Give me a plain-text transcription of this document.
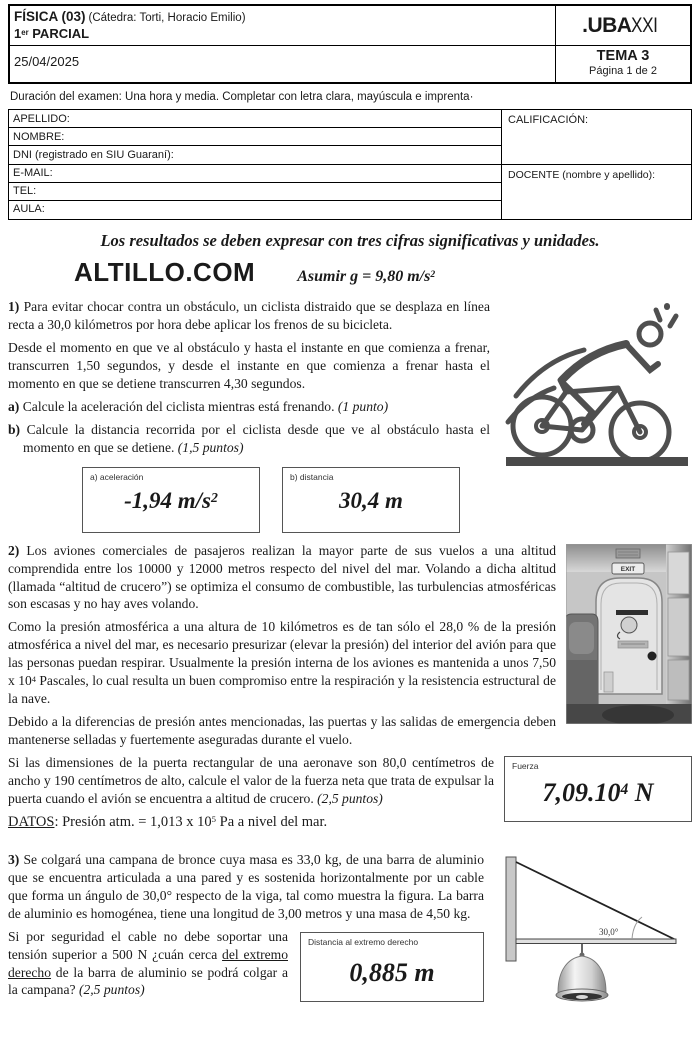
FÍSICA (03) (Cátedra: Torti, Horacio Emilio)
1er PARCIAL	.UBAXXI
25/04/2025	TEMA 3
Página 1 de 2
Duración del examen: Una hora y media. Completar con letra clara, mayúscula e imprenta·
APELLIDO:
NOMBRE:
DNI (registrado en SIU Guaraní):
E-MAIL:
TEL:
AULA:
CALIFICACIÓN:
DOCENTE (nombre y apellido):
Los resultados se deben expresar con tres cifras significativas y unidades.
ALTILLO.COM	Asumir g = 9,80 $m/s^2$

1) Para evitar chocar contra un obstáculo, un ciclista distraido que se desplaza en línea recta a 30,0 kilómetros por hora debe aplicar los frenos de su bicicleta.

Desde el momento en que ve al obstáculo y hasta el instante en que comienza a frenar, transcurren 1,50 segundos, y desde el instante en que comienza a frenar hasta el momento en que se detiene transcurren 4,30 segundos.

a) Calcule la aceleración del ciclista mientras está frenando. (1 punto)

b) Calcule la distancia recorrida por el ciclista desde que ve al obstáculo hasta el momento en que se detiene. (1,5 puntos)

a) aceleración
-1,94 $m/s^2$
b) distancia
30,4 m
EXIT

2) Los aviones comerciales de pasajeros realizan la mayor parte de sus vuelos a una altitud comprendida entre los 10000 y 12000 metros respecto del nivel del mar. Volando a dicha altitud (llamada “altitud de crucero”) se optimiza el consumo de combustible, las turbulencias atmosféricas son escasas y no hay aves volando.

Como la presión atmosférica a una altura de 10 kilómetros es de tan sólo el 28,0 % de la presión atmosférica a nivel del mar, es necesario presurizar (elevar la presión) del interior del avión para que las personas puedan respirar. Usualmente la presión interna de los aviones es mantenida a unos 7,50 x $10^4$ Pascales, lo cual resulta un buen compromiso entre la respiración y la resistencia estructural de la nave.

Debido a la diferencias de presión antes mencionadas, las puertas y las salidas de emergencia deben mantenerse selladas y fuertemente aseguradas durante el vuelo.

Fuerza
7,09.10$^4$ N

Si las dimensiones de la puerta rectangular de una aeronave son 80,0 centímetros de ancho y 190 centímetros de alto, calcule el valor de la fuerza neta que trata de expulsar la puerta cuando el avión se encuentra a altitud de crucero. (2,5 puntos)

DATOS: Presión atm. = 1,013 x $10^5$ Pa a nivel del mar.

30,0°

3) Se colgará una campana de bronce cuya masa es 33,0 kg, de una barra de aluminio que se encuentra articulada a una pared y es sostenida horizontalmente por un cable que forma un ángulo de 30,0° respecto de la viga, tal como muestra la figura. La barra de aluminio es homogénea, tiene una longitud de 3,00 metros y una masa de 4,50 kg.

Distancia al extremo derecho
0,885 m

Si por seguridad el cable no debe soportar una tensión superior a 500 N ¿cuán cerca del extremo derecho de la barra de aluminio se podrá colgar a la campana? (2,5 puntos)
